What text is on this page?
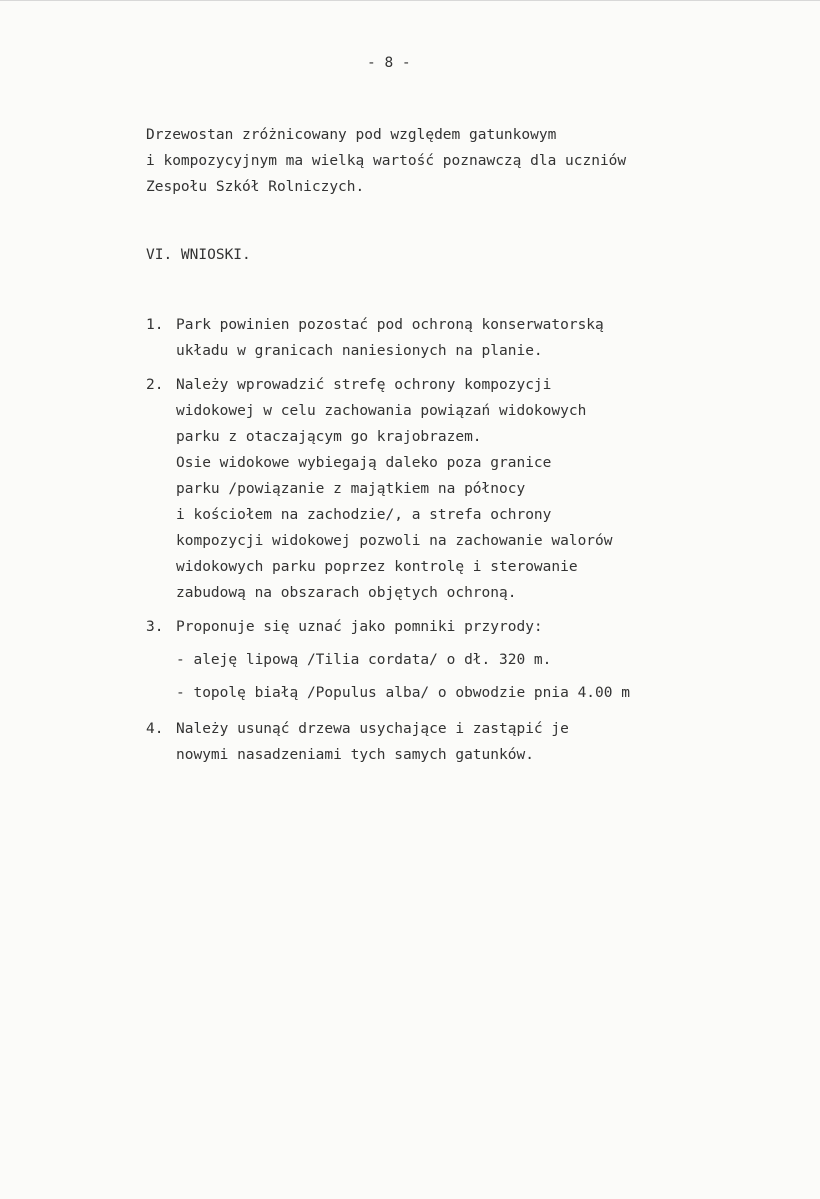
- 8 -
Drzewostan zróżnicowany pod względem gatunkowym
i kompozycyjnym ma wielką wartość poznawczą dla uczniów
Zespołu Szkół Rolniczych.
VI. WNIOSKI.
1. Park powinien pozostać pod ochroną konserwatorską
układu w granicach naniesionych na planie.
2. Należy wprowadzić strefę ochrony kompozycji
widokowej w celu zachowania powiązań widokowych
parku z otaczającym go krajobrazem.
Osie widokowe wybiegają daleko poza granice
parku /powiązanie z majątkiem na północy
i kościołem na zachodzie/, a strefa ochrony
kompozycji widokowej pozwoli na zachowanie walorów
widokowych parku poprzez kontrolę i sterowanie
zabudową na obszarach objętych ochroną.
3. Proponuje się uznać jako pomniki przyrody:
- aleję lipową /Tilia cordata/ o dł. 320 m.
- topolę białą /Populus alba/ o obwodzie pnia 4.00 m
4. Należy usunąć drzewa usychające i zastąpić je
nowymi nasadzeniami tych samych gatunków.
